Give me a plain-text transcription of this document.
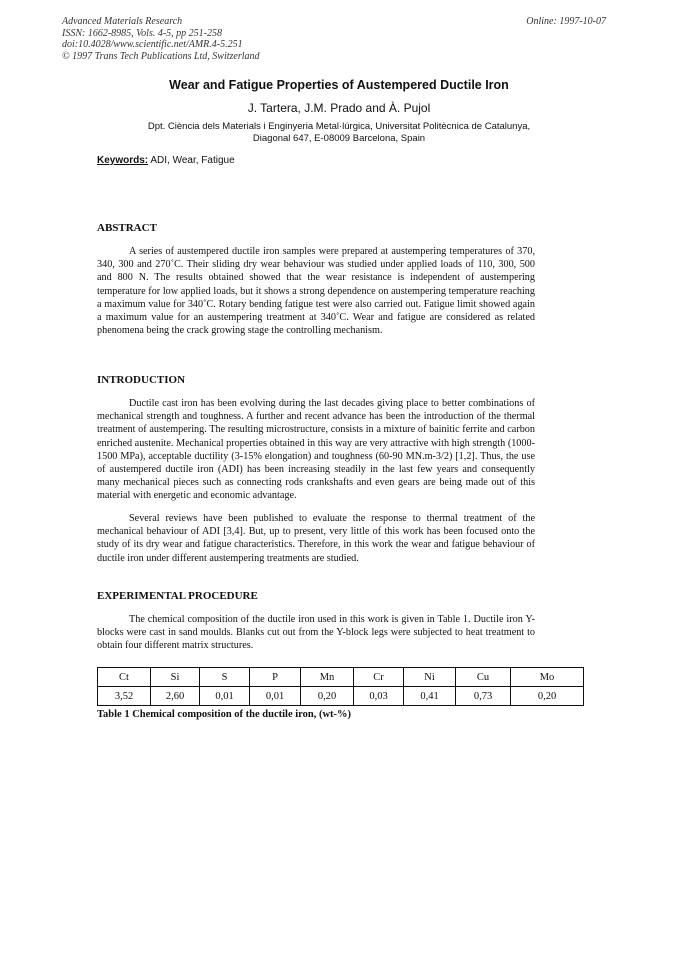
Advanced Materials Research
ISSN: 1662-8985, Vols. 4-5, pp 251-258
doi:10.4028/www.scientific.net/AMR.4-5.251
© 1997 Trans Tech Publications Ltd, Switzerland
Online: 1997-10-07
Wear and Fatigue Properties of Austempered Ductile Iron
J. Tartera, J.M. Prado and À. Pujol
Dpt. Ciència dels Materials i Enginyeria Metal·lúrgica, Universitat Politècnica de Catalunya,
Diagonal 647, E-08009 Barcelona, Spain
Keywords: ADI, Wear, Fatigue
ABSTRACT

A series of austempered ductile iron samples were prepared at austempering temperatures of 370, 340, 300 and 270˚C. Their sliding dry wear behaviour was studied under applied loads of 110, 300, 500 and 800 N. The results obtained showed that the wear resistance is independent of austempering temperature for low applied loads, but it shows a strong dependence on austempering temperature reaching a maximum value for 340˚C. Rotary bending fatigue test were also carried out. Fatigue limit showed again a maximum value for an austempering treatment at 340˚C. Wear and fatigue are considered as related phenomena being the crack growing stage the controlling mechanism.

INTRODUCTION

Ductile cast iron has been evolving during the last decades giving place to better combinations of mechanical strength and toughness. A further and recent advance has been the introduction of the thermal treatment of austempering. The resulting microstructure, consists in a mixture of bainitic ferrite and carbon enriched austenite. Mechanical properties obtained in this way are very attractive with high strength (1000-1500 MPa), acceptable ductility (3-15% elongation) and toughness (60-90 MN.m-3/2) [1,2]. Thus, the use of austempered ductile iron (ADI) has been increasing steadily in the last few years and consequently many mechanical pieces such as connecting rods crankshafts and even gears are being made out of this material with energetic and economic advantage.

Several reviews have been published to evaluate the response to thermal treatment of the mechanical behaviour of ADI [3,4]. But, up to present, very little of this work has been focused onto the study of its dry wear and fatigue characteristics. Therefore, in this work the wear and fatigue behaviour of ductile iron under different austempering treatments are studied.

EXPERIMENTAL PROCEDURE

The chemical composition of the ductile iron used in this work is given in Table 1. Ductile iron Y-blocks were cast in sand moulds. Blanks cut out from the Y-block legs were subjected to heat treatment to obtain four different matrix structures.

Ct	Si	S	P	Mn	Cr	Ni	Cu	Mo
3,52	2,60	0,01	0,01	0,20	0,03	0,41	0,73	0,20
Table 1 Chemical composition of the ductile iron, (wt-%)
